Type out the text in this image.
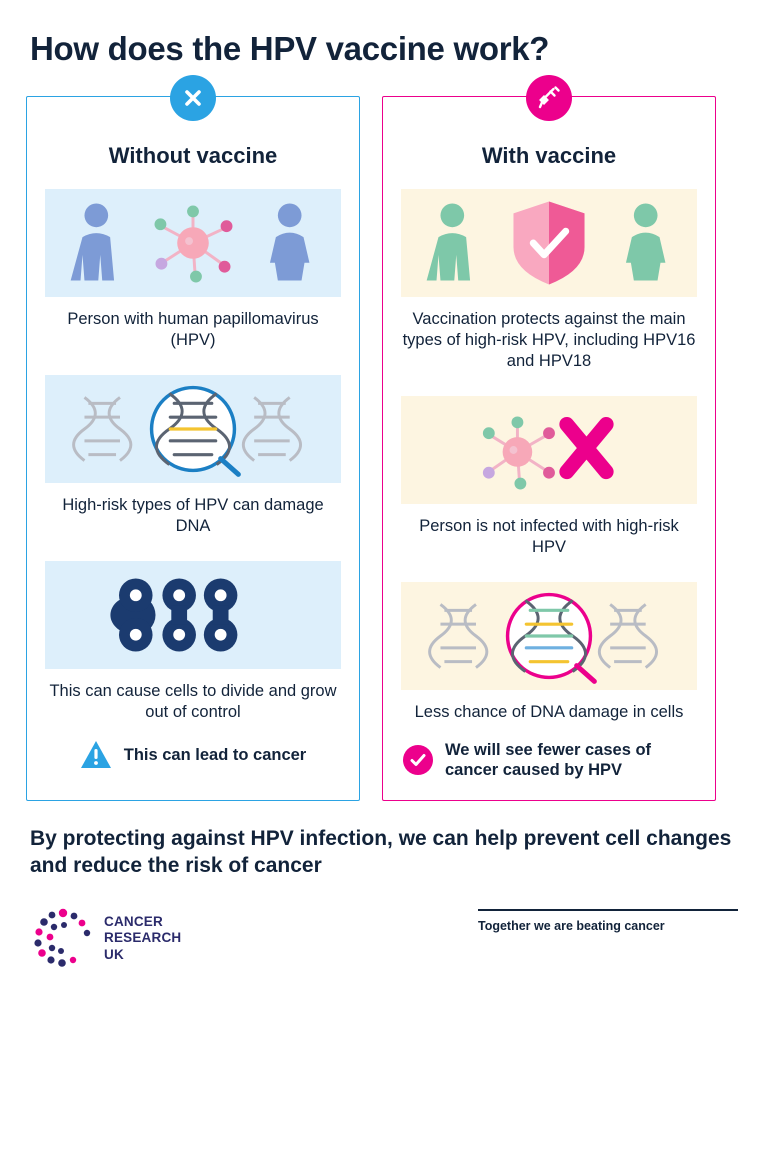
How does the HPV vaccine work?
Without vaccine
Person with human papillomavirus (HPV)
High-risk types of HPV can damage DNA
This can cause cells to divide and grow out of control
This can lead to cancer
With vaccine
Vaccination protects against the main types of high-risk HPV, including HPV16 and HPV18
Person is not infected with high-risk HPV
Less chance of DNA damage in cells
We will see fewer cases of cancer caused by HPV
By protecting against HPV infection, we can help prevent cell changes and reduce the risk of cancer
CANCER
RESEARCH
UK
Together we are beating cancer
